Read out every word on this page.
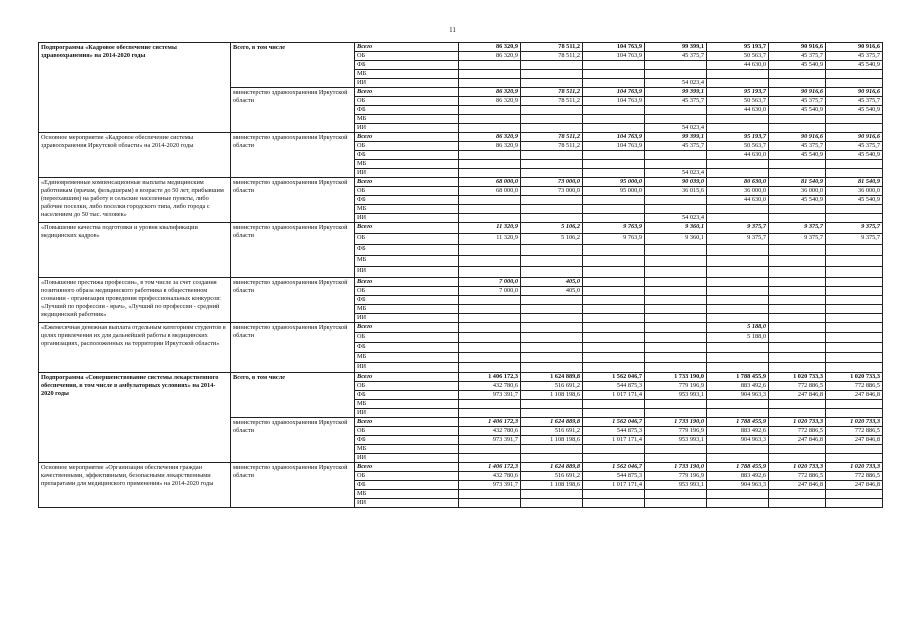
11
Подпрограмма «Кадровое обеспечение системы здравоохранения» на 2014-2020 годы	Всего, в том числе	Всего	86 320,9	78 511,2	104 763,9	99 399,1	95 193,7	90 916,6	90 916,6
		ОБ	86 320,9	78 511,2	104 763,9	45 375,7	50 563,7	45 375,7	45 375,7
		ФБ					44 630,0	45 540,9	45 540,9
		МБ							
		ИИ				54 023,4			
	министерство здравоохранения Иркутской области	Всего	86 320,9	78 511,2	104 763,9	99 399,1	95 193,7	90 916,6	90 916,6
		ОБ	86 320,9	78 511,2	104 763,9	45 375,7	50 563,7	45 375,7	45 375,7
		ФБ					44 630,0	45 540,9	45 540,9
		МБ							
		ИИ				54 023,4			
Основное мероприятие «Кадровое обеспечение системы здравоохранения Иркутской области» на 2014-2020 годы	министерство здравоохранения Иркутской области	Всего	86 320,9	78 511,2	104 763,9	99 399,1	95 193,7	90 916,6	90 916,6
		ОБ	86 320,9	78 511,2	104 763,9	45 375,7	50 563,7	45 375,7	45 375,7
		ФБ					44 630,0	45 540,9	45 540,9
		МБ							
		ИИ				54 023,4			
«Единовременные компенсационные выплаты медицинским работникам (врачам, фельдшерам) в возрасте до 50 лет, прибывшим (переехавшим) на работу в сельские населенные пункты, либо рабочие поселки, либо поселки городского типа, либо города с населением до 50 тыс. человек»	министерство здравоохранения Иркутской области	Всего	68 000,0	73 000,0	95 000,0	90 039,0	80 630,0	81 540,9	81 540,9
		ОБ	68 000,0	73 000,0	95 000,0	36 015,6	36 000,0	36 000,0	36 000,0
		ФБ					44 630,0	45 540,9	45 540,9
		МБ							
		ИИ				54 023,4			
«Повышение качества подготовки и уровня квалификации медицинских кадров»	министерство здравоохранения Иркутской области	Всего	11 320,9	5 106,2	9 763,9	9 360,1	9 375,7	9 375,7	9 375,7
		ОБ	11 320,9	5 106,2	9 763,9	9 360,1	9 375,7	9 375,7	9 375,7
		ФБ							
		МБ							
		ИИ							
«Повышение престижа профессии», в том числе за счет создания позитивного образа медицинского работника в общественном сознании - организация проведения профессиональных конкурсов: «Лучший по профессии - врач», «Лучший по профессии - средний медицинский работник»	министерство здравоохранения Иркутской области	Всего	7 000,0	405,0					
		ОБ	7 000,0	405,0					
		ФБ							
		МБ							
		ИИ							
«Ежемесячная денежная выплата отдельным категориям студентов в целях привлечения их для дальнейшей работы в медицинских организациях, расположенных на территории Иркутской области»	министерство здравоохранения Иркутской области	Всего					5 188,0		
		ОБ					5 188,0		
		ФБ							
		МБ							
		ИИ							
Подпрограмма «Совершенствование системы лекарственного обеспечения, в том числе в амбулаторных условиях» на 2014-2020 годы	Всего, в том числе	Всего	1 406 172,3	1 624 889,8	1 562 046,7	1 733 190,0	1 788 455,9	1 020 733,3	1 020 733,3
		ОБ	432 780,6	516 691,2	544 875,3	779 196,9	883 492,6	772 886,5	772 886,5
		ФБ	973 391,7	1 108 198,6	1 017 171,4	953 993,1	904 963,3	247 846,8	247 846,8
		МБ							
		ИИ							
	министерство здравоохранения Иркутской области	Всего	1 406 172,3	1 624 889,8	1 562 046,7	1 733 190,0	1 788 455,9	1 020 733,3	1 020 733,3
		ОБ	432 780,6	516 691,2	544 875,3	779 196,9	883 492,6	772 886,5	772 886,5
		ФБ	973 391,7	1 108 198,6	1 017 171,4	953 993,1	904 963,3	247 846,8	247 846,8
		МБ							
		ИИ							
Основное мероприятие «Организация обеспечения граждан качественными, эффективными, безопасными лекарственными препаратами для медицинского применения» на 2014-2020 годы	министерство здравоохранения Иркутской области	Всего	1 406 172,3	1 624 889,8	1 562 046,7	1 733 190,0	1 788 455,9	1 020 733,3	1 020 733,3
		ОБ	432 780,6	516 691,2	544 875,3	779 196,9	883 492,6	772 886,5	772 886,5
		ФБ	973 391,7	1 108 198,6	1 017 171,4	953 993,1	904 963,3	247 846,8	247 846,8
		МБ							
		ИИ							
